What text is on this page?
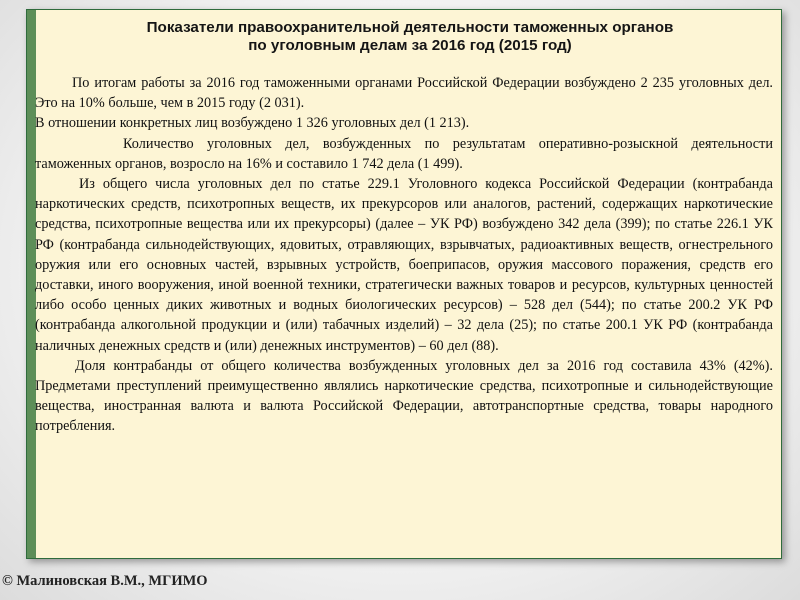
Показатели правоохранительной деятельности таможенных органов
по уголовным делам за 2016 год (2015 год)

По итогам работы за 2016 год таможенными органами Российской Федерации возбуждено 2 235 уголовных дел. Это на 10% больше, чем в 2015 году (2 031).

В отношении конкретных лиц возбуждено 1 326 уголовных дел (1 213).

Количество уголовных дел, возбужденных по результатам оперативно-розыскной деятельности таможенных органов, возросло на 16% и составило 1 742 дела (1 499).

Из общего числа уголовных дел по статье 229.1 Уголовного кодекса Российской Федерации (контрабанда наркотических средств, психотропных веществ, их прекурсоров или аналогов, растений, содержащих наркотические средства, психотропные вещества или их прекурсоры) (далее – УК РФ) возбуждено 342 дела (399); по статье 226.1 УК РФ (контрабанда сильнодействующих, ядовитых, отравляющих, взрывчатых, радиоактивных веществ, огнестрельного оружия или его основных частей, взрывных устройств, боеприпасов, оружия массового поражения, средств его доставки, иного вооружения, иной военной техники, стратегически важных товаров и ресурсов, культурных ценностей либо особо ценных диких животных и водных биологических ресурсов) – 528 дел (544); по статье 200.2 УК РФ (контрабанда алкогольной продукции и (или) табачных изделий) – 32 дела (25); по статье 200.1 УК РФ (контрабанда наличных денежных средств и (или) денежных инструментов) – 60 дел (88).

Доля контрабанды от общего количества возбужденных уголовных дел за 2016 год составила 43% (42%). Предметами преступлений преимущественно являлись наркотические средства, психотропные и сильнодействующие вещества, иностранная валюта и валюта Российской Федерации, автотранспортные средства, товары народного потребления.

© Малиновская В.М., МГИМО
